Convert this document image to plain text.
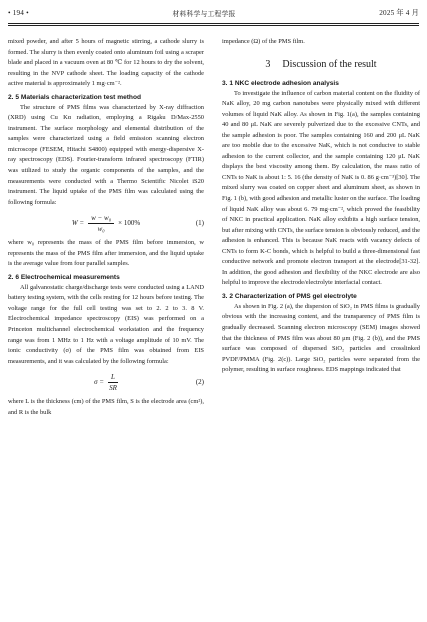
• 194 •	材料科学与工程学报	2025 年 4 月

mixed powder, and after 5 hours of magnetic stirring, a cathode slurry is formed. The slurry is then evenly coated onto aluminum foil using a scraper blade and placed in a vacuum oven at 80 ℃ for 12 hours to dry the solvent, resulting in the NVP cathode sheet. The loading capacity of the cathode active material is approximately 1 mg·cm⁻².

2. 5 Materials characterization test method

The structure of PMS films was characterized by X-ray diffraction (XRD) using Cu Kα radiation, employing a Rigaku D/Max-2550 instrument. The surface morphology and elemental distribution of the samples were characterized using a field emission scanning electron microscope (FESEM, Hitachi S4800) equipped with energy-dispersive X-ray spectroscopy (EDS). Fourier-transform infrared spectroscopy (FTIR) was utilized to study the organic components of the samples, and the measurements were conducted with a Thermo Scientific Nicolet iS20 instrument. The liquid uptake of the PMS film was calculated using the following formula:

$W = \frac{\text{w − w₀}}{\text{w₀}} \times 100\%$	(1)

where w₀ represents the mass of the PMS film before immersion, w represents the mass of the PMS film after immersion, and the liquid uptake is the average value from four parallel samples.

2. 6 Electrochemical measurements

All galvanostatic charge/discharge tests were conducted using a LAND battery testing system, with the cells resting for 12 hours before testing. The voltage range for the full cell testing was set to 2. 2 to 3. 8 V. Electrochemical impedance spectroscopy (EIS) was performed on a Princeton multichannel electrochemical workstation and the frequency range was from 1 MHz to 1 Hz with a voltage amplitude of 10 mV. The ionic conductivity (σ) of the PMS film was obtained from EIS measurements, and it was calculated by the following formula:

$\sigma = \frac{L}{SR}$	(2)

where L is the thickness (cm) of the PMS film, S is the electrode area (cm²), and R is the bulk

impedance (Ω) of the PMS film.

3 Discussion of the result

3. 1 NKC electrode adhesion analysis

To investigate the influence of carbon material content on the fluidity of NaK alloy, 20 mg carbon nanotubes were physically mixed with different volumes of liquid NaK alloy. As shown in Fig. 1(a), the samples containing 40 and 80 μL NaK are severely pulverized due to the excessive CNTs, and the sample adhesion is poor. The samples containing 160 and 200 μL NaK are too mobile due to the excessive NaK, which is not conducive to stable adhesion to the current collector, and the sample containing 120 μL NaK displays the best viscosity among them. By calculation, the mass ratio of CNTs to NaK is about 1: 5. 16 (the density of NaK is 0. 86 g·cm⁻³)[30]. The mixed slurry was coated on copper sheet and aluminum sheet, as shown in Fig. 1 (b), with good adhesion and metallic luster on the surface. The loading of liquid NaK alloy was about 6. 79 mg·cm⁻², which proved the feasibility of NKC in practical application. NaK alloy exhibits a high surface tension, but after mixing with CNTs, the surface tension is obviously reduced, and the adhesion is enhanced. This is because NaK reacts with vacancy defects of CNTs to form K-C bonds, which is helpful to build a three-dimensional fast conductive network and promote electron transport at the electrode[31-32]. In addition, the good adhesion and flexibility of the NKC electrode are also helpful to improve the electrode/electrolyte interfacial contact.

3. 2 Characterization of PMS gel electrolyte

As shown in Fig. 2 (a), the dispersion of SiO₂ in PMS films is gradually obvious with the increasing content, and the transparency of PMS film is gradually decreased. Scanning electron microscopy (SEM) images showed that the thickness of PMS film was about 80 μm (Fig. 2 (b)), and the PMS surface was composed of dispersed SiO₂ particles and crosslinked PVDF/PMMA (Fig. 2(c)). Large SiO₂ particles were separated from the polymer, resulting in surface roughness. EDS mappings indicated that
